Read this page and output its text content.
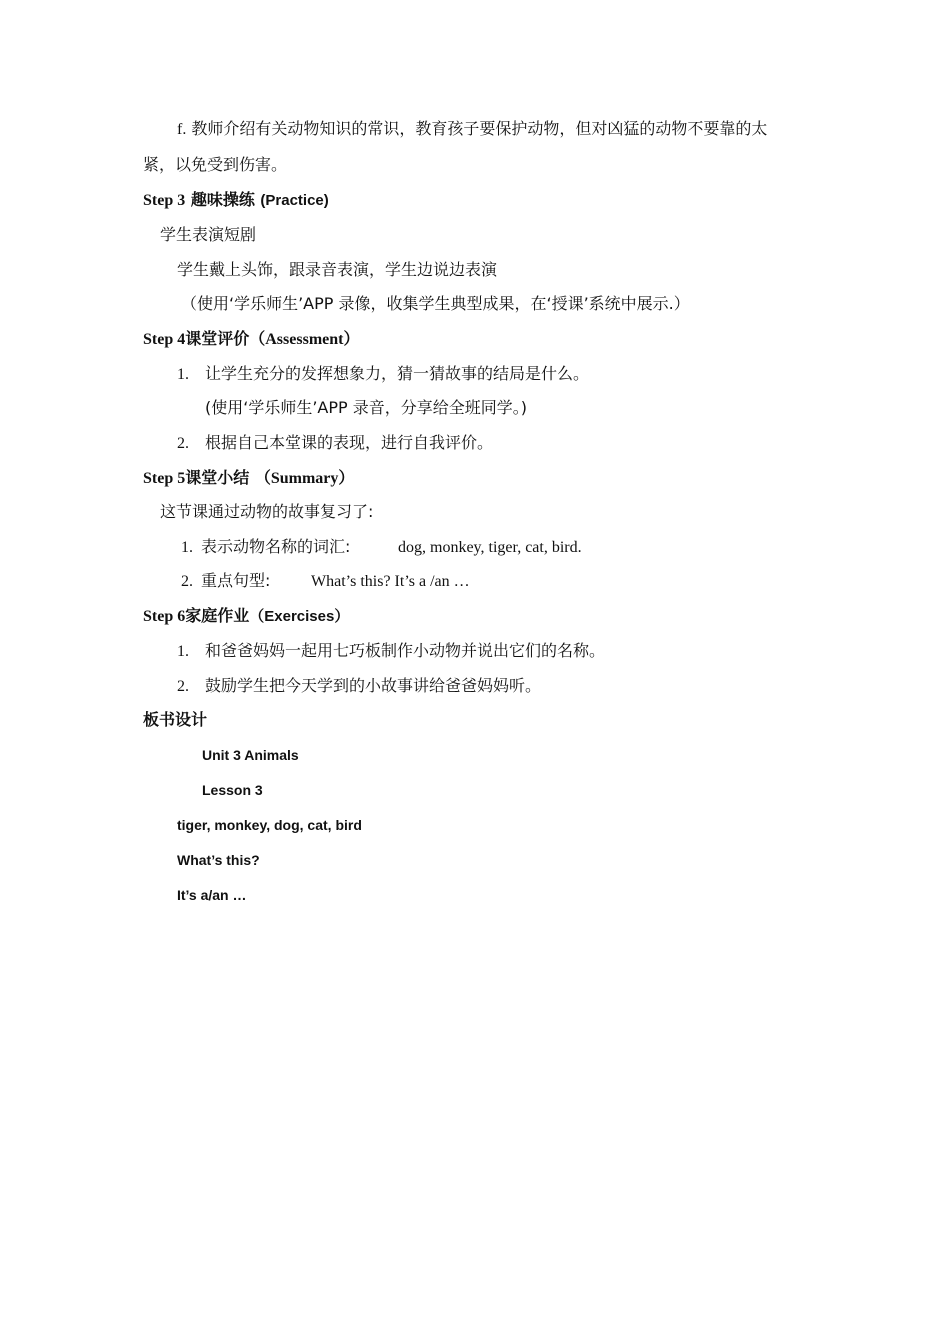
f. 教师介绍有关动物知识的常识，教育孩子要保护动物，但对凶猛的动物不要靠的太
紧，以免受到伤害。
Step 3 趣味操练 (Practice)
学生表演短剧
学生戴上头饰，跟录音表演，学生边说边表演
（使用‘学乐师生’APP 录像，收集学生典型成果，在‘授课’系统中展示.）
Step 4课堂评价（Assessment）
1. 让学生充分的发挥想象力，猜一猜故事的结局是什么。
(使用‘学乐师生’APP 录音，分享给全班同学。)
2. 根据自己本堂课的表现，进行自我评价。
Step 5课堂小结 （Summary）
这节课通过动物的故事复习了:
1. 表示动物名称的词汇:	dog, monkey, tiger, cat, bird.
2. 重点句型:	What’s this? It’s a /an …
Step 6家庭作业（Exercises）
1. 和爸爸妈妈一起用七巧板制作小动物并说出它们的名称。
2. 鼓励学生把今天学到的小故事讲给爸爸妈妈听。
板书设计
Unit 3 Animals
Lesson 3
tiger, monkey, dog, cat, bird
What’s this?
It’s a/an …
